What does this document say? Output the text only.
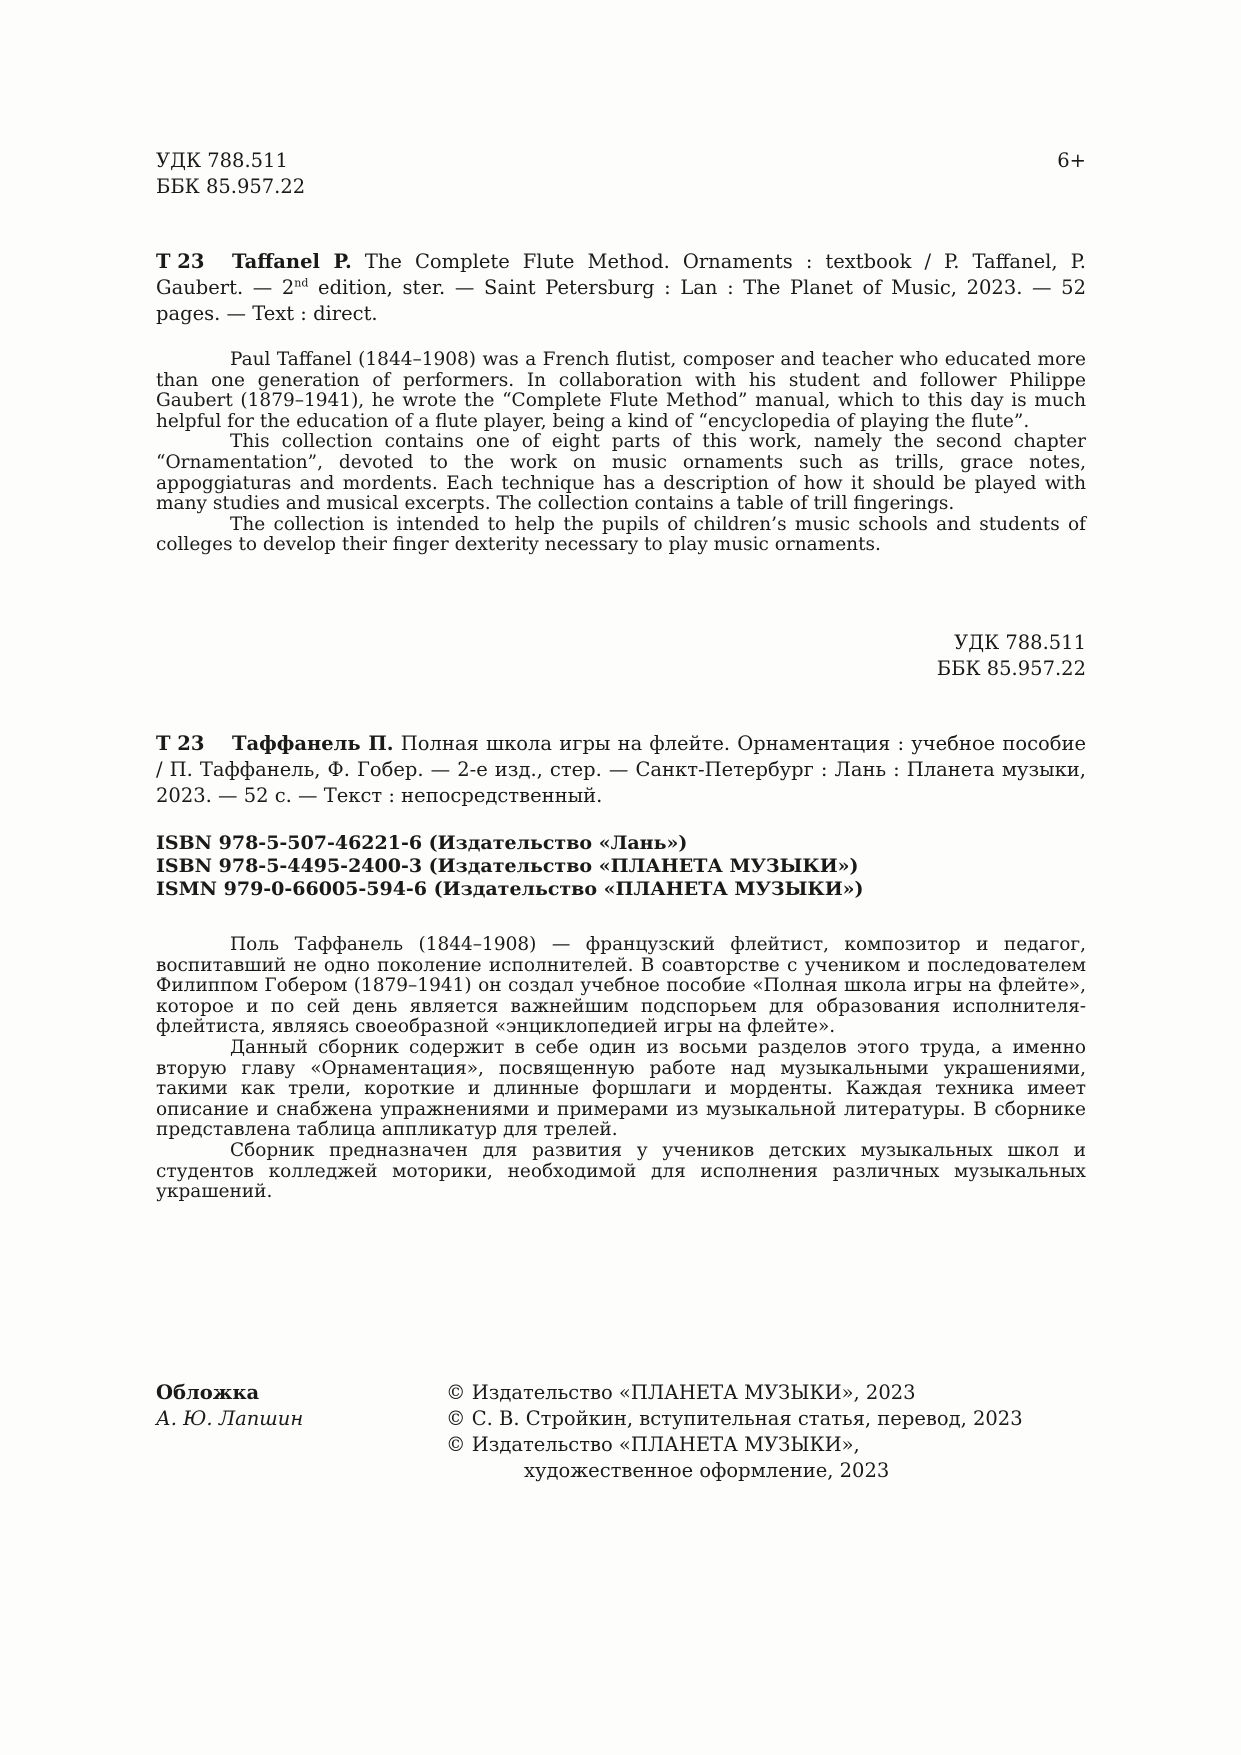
УДК 788.511
ББК 85.957.22
6+

T 23 Taffanel P. The Complete Flute Method. Ornaments : textbook / P. Taffanel, P. Gaubert. — 2nd edition, ster. — Saint Petersburg : Lan : The Planet of Music, 2023. — 52 pages. — Text : direct.

Paul Taffanel (1844–1908) was a French flutist, composer and teacher who educated more than one generation of performers. In collaboration with his student and follower Philippe Gaubert (1879–1941), he wrote the “Complete Flute Method” manual, which to this day is much helpful for the education of a flute player, being a kind of “encyclopedia of playing the flute”.

This collection contains one of eight parts of this work, namely the second chapter “Ornamentation”, devoted to the work on music ornaments such as trills, grace notes, appoggiaturas and mordents. Each technique has a description of how it should be played with many studies and musical excerpts. The collection contains a table of trill fingerings.

The collection is intended to help the pupils of children’s music schools and students of colleges to develop their finger dexterity necessary to play music ornaments.

УДК 788.511
ББК 85.957.22

Т 23 Таффанель П. Полная школа игры на флейте. Орнаментация : учебное пособие / П. Таффанель, Ф. Гобер. — 2-е изд., стер. — Санкт-Петербург : Лань : Планета музыки, 2023. — 52 с. — Текст : непосредственный.

ISBN 978-5-507-46221-6 (Издательство «Лань»)
ISBN 978-5-4495-2400-3 (Издательство «ПЛАНЕТА МУЗЫКИ»)
ISMN 979-0-66005-594-6 (Издательство «ПЛАНЕТА МУЗЫКИ»)

Поль Таффанель (1844–1908) — французский флейтист, композитор и педагог, воспитавший не одно поколение исполнителей. В соавторстве с учеником и последователем Филиппом Гобером (1879–1941) он создал учебное пособие «Полная школа игры на флейте», которое и по сей день является важнейшим подспорьем для образования исполнителя-флейтиста, являясь своеобразной «энциклопедией игры на флейте».

Данный сборник содержит в себе один из восьми разделов этого труда, а именно вторую главу «Орнаментация», посвященную работе над музыкальными украшениями, такими как трели, короткие и длинные форшлаги и морденты. Каждая техника имеет описание и снабжена упражнениями и примерами из музыкальной литературы. В сборнике представлена таблица аппликатур для трелей.

Сборник предназначен для развития у учеников детских музыкальных школ и студентов колледжей моторики, необходимой для исполнения различных музыкальных украшений.

Обложка
А. Ю. Лапшин
© Издательство «ПЛАНЕТА МУЗЫКИ», 2023
© С. В. Стройкин, вступительная статья, перевод, 2023
© Издательство «ПЛАНЕТА МУЗЫКИ»,
художественное оформление, 2023
